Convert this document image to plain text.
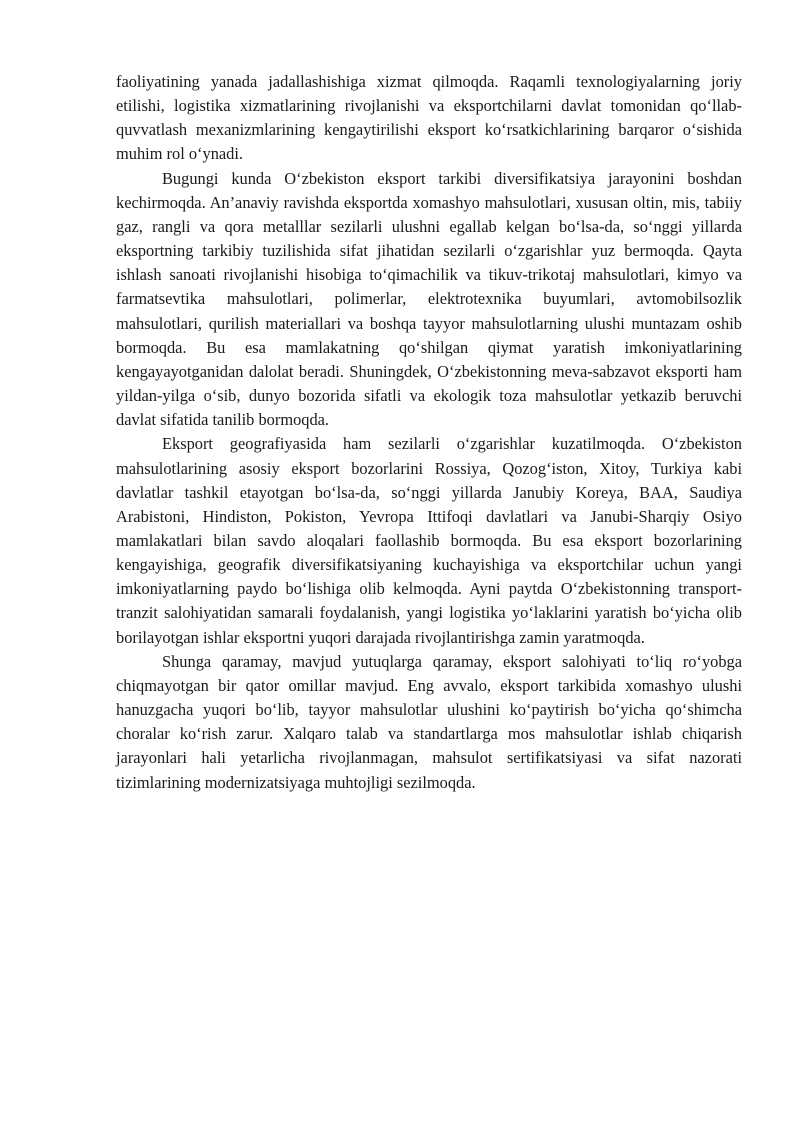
faoliyatining yanada jadallashishiga xizmat qilmoqda. Raqamli texnologiyalarning joriy etilishi, logistika xizmatlarining rivojlanishi va eksportchilarni davlat tomonidan qo‘llab-quvvatlash mexanizmlarining kengaytirilishi eksport ko‘rsatkichlarining barqaror o‘sishida muhim rol o‘ynadi.

Bugungi kunda O‘zbekiston eksport tarkibi diversifikatsiya jarayonini boshdan kechirmoqda. An’anaviy ravishda eksportda xomashyo mahsulotlari, xususan oltin, mis, tabiiy gaz, rangli va qora metalllar sezilarli ulushni egallab kelgan bo‘lsa-da, so‘nggi yillarda eksportning tarkibiy tuzilishida sifat jihatidan sezilarli o‘zgarishlar yuz bermoqda. Qayta ishlash sanoati rivojlanishi hisobiga to‘qimachilik va tikuv-trikotaj mahsulotlari, kimyo va farmatsevtika mahsulotlari, polimerlar, elektrotexnika buyumlari, avtomobilsozlik mahsulotlari, qurilish materiallari va boshqa tayyor mahsulotlarning ulushi muntazam oshib bormoqda. Bu esa mamlakatning qo‘shilgan qiymat yaratish imkoniyatlarining kengayayotganidan dalolat beradi. Shuningdek, O‘zbekistonning meva-sabzavot eksporti ham yildan-yilga o‘sib, dunyo bozorida sifatli va ekologik toza mahsulotlar yetkazib beruvchi davlat sifatida tanilib bormoqda.

Eksport geografiyasida ham sezilarli o‘zgarishlar kuzatilmoqda. O‘zbekiston mahsulotlarining asosiy eksport bozorlarini Rossiya, Qozog‘iston, Xitoy, Turkiya kabi davlatlar tashkil etayotgan bo‘lsa-da, so‘nggi yillarda Janubiy Koreya, BAA, Saudiya Arabistoni, Hindiston, Pokiston, Yevropa Ittifoqi davlatlari va Janubi-Sharqiy Osiyo mamlakatlari bilan savdo aloqalari faollashib bormoqda. Bu esa eksport bozorlarining kengayishiga, geografik diversifikatsiyaning kuchayishiga va eksportchilar uchun yangi imkoniyatlarning paydo bo‘lishiga olib kelmoqda. Ayni paytda O‘zbekistonning transport-tranzit salohiyatidan samarali foydalanish, yangi logistika yo‘laklarini yaratish bo‘yicha olib borilayotgan ishlar eksportni yuqori darajada rivojlantirishga zamin yaratmoqda.

Shunga qaramay, mavjud yutuqlarga qaramay, eksport salohiyati to‘liq ro‘yobga chiqmayotgan bir qator omillar mavjud. Eng avvalo, eksport tarkibida xomashyo ulushi hanuzgacha yuqori bo‘lib, tayyor mahsulotlar ulushini ko‘paytirish bo‘yicha qo‘shimcha choralar ko‘rish zarur. Xalqaro talab va standartlarga mos mahsulotlar ishlab chiqarish jarayonlari hali yetarlicha rivojlanmagan, mahsulot sertifikatsiyasi va sifat nazorati tizimlarining modernizatsiyaga muhtojligi sezilmoqda.
